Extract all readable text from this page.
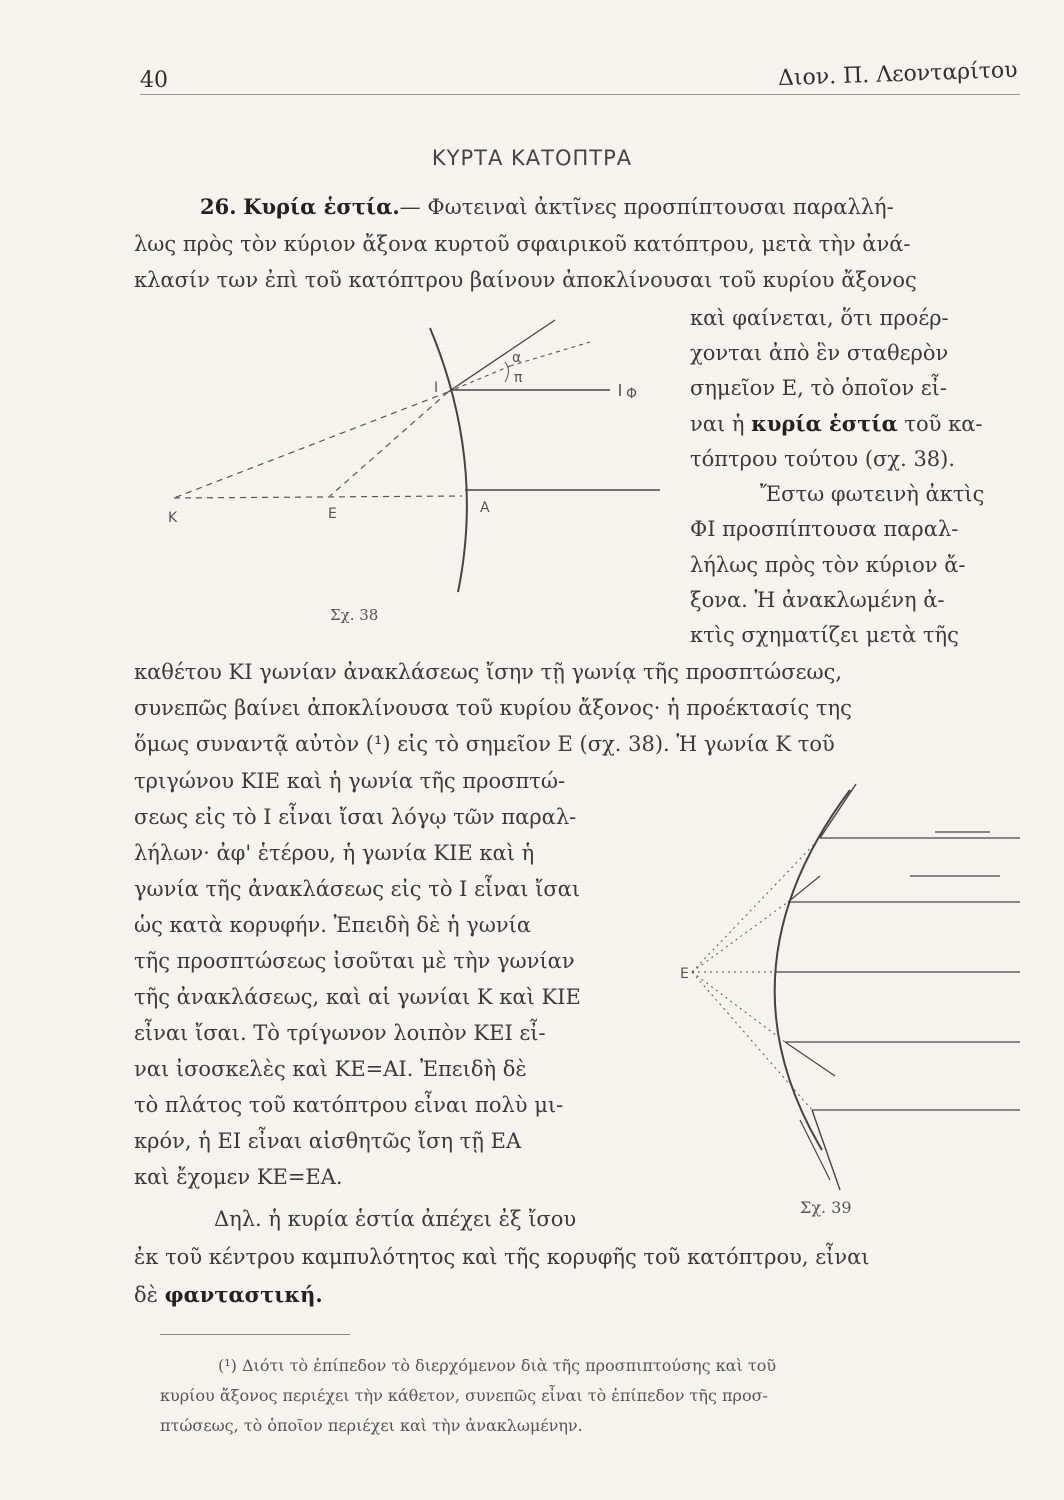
40	Διον. Π. Λεονταρίτου
ΚΥΡΤΑ ΚΑΤΟΠΤΡΑ
26. Κυρία ἑστία.— Φωτειναὶ ἀκτῖνες προσπίπτουσαι παραλλή-
λως πρὸς τὸν κύριον ἄξονα κυρτοῦ σφαιρικοῦ κατόπτρου, μετὰ τὴν ἀνά-
κλασίν των ἐπὶ τοῦ κατόπτρου βαίνουν ἀποκλίνουσαι τοῦ κυρίου ἄξονος
καὶ φαίνεται, ὅτι προέρ-
χονται ἀπὸ ἓν σταθερὸν
σημεῖον Ε, τὸ ὁποῖον εἶ-
ναι ἡ κυρία ἑστία τοῦ κα-
τόπτρου τούτου (σχ. 38).
Ἔστω φωτεινὴ ἀκτὶς
ΦΙ προσπίπτουσα παραλ-
λήλως πρὸς τὸν κύριον ἄ-
ξονα. Ἡ ἀνακλωμένη ἀ-
κτὶς σχηματίζει μετὰ τῆς
Σχ. 38
καθέτου ΚΙ γωνίαν ἀνακλάσεως ἴσην τῇ γωνίᾳ τῆς προσπτώσεως,
συνεπῶς βαίνει ἀποκλίνουσα τοῦ κυρίου ἄξονος· ἡ προέκτασίς της
ὅμως συναντᾷ αὐτὸν (¹) εἰς τὸ σημεῖον Ε (σχ. 38). Ἡ γωνία Κ τοῦ
τριγώνου ΚΙΕ καὶ ἡ γωνία τῆς προσπτώ-
σεως εἰς τὸ Ι εἶναι ἴσαι λόγῳ τῶν παραλ-
λήλων· ἀφ' ἑτέρου, ἡ γωνία ΚΙΕ καὶ ἡ
γωνία τῆς ἀνακλάσεως εἰς τὸ Ι εἶναι ἴσαι
ὡς κατὰ κορυφήν. Ἐπειδὴ δὲ ἡ γωνία
τῆς προσπτώσεως ἰσοῦται μὲ τὴν γωνίαν
τῆς ἀνακλάσεως, καὶ αἱ γωνίαι Κ καὶ ΚΙΕ
εἶναι ἴσαι. Τὸ τρίγωνον λοιπὸν ΚΕΙ εἶ-
ναι ἰσοσκελὲς καὶ ΚΕ=ΑΙ. Ἐπειδὴ δὲ
τὸ πλάτος τοῦ κατόπτρου εἶναι πολὺ μι-
κρόν, ἡ ΕΙ εἶναι αἰσθητῶς ἴση τῇ ΕΑ
καὶ ἔχομεν ΚΕ=ΕΑ.
Δηλ. ἡ κυρία ἑστία ἀπέχει ἐξ ἴσου	Σχ. 39
ἐκ τοῦ κέντρου καμπυλότητος καὶ τῆς κορυφῆς τοῦ κατόπτρου, εἶναι
δὲ φανταστική.
(¹) Διότι τὸ ἐπίπεδον τὸ διερχόμενον διὰ τῆς προσπιπτούσης καὶ τοῦ
κυρίου ἄξονος περιέχει τὴν κάθετον, συνεπῶς εἶναι τὸ ἐπίπεδον τῆς προσ-
πτώσεως, τὸ ὁποῖον περιέχει καὶ τὴν ἀνακλωμένην.
α
π
Κ	Ε	Α
Ι	Φ
Ε
